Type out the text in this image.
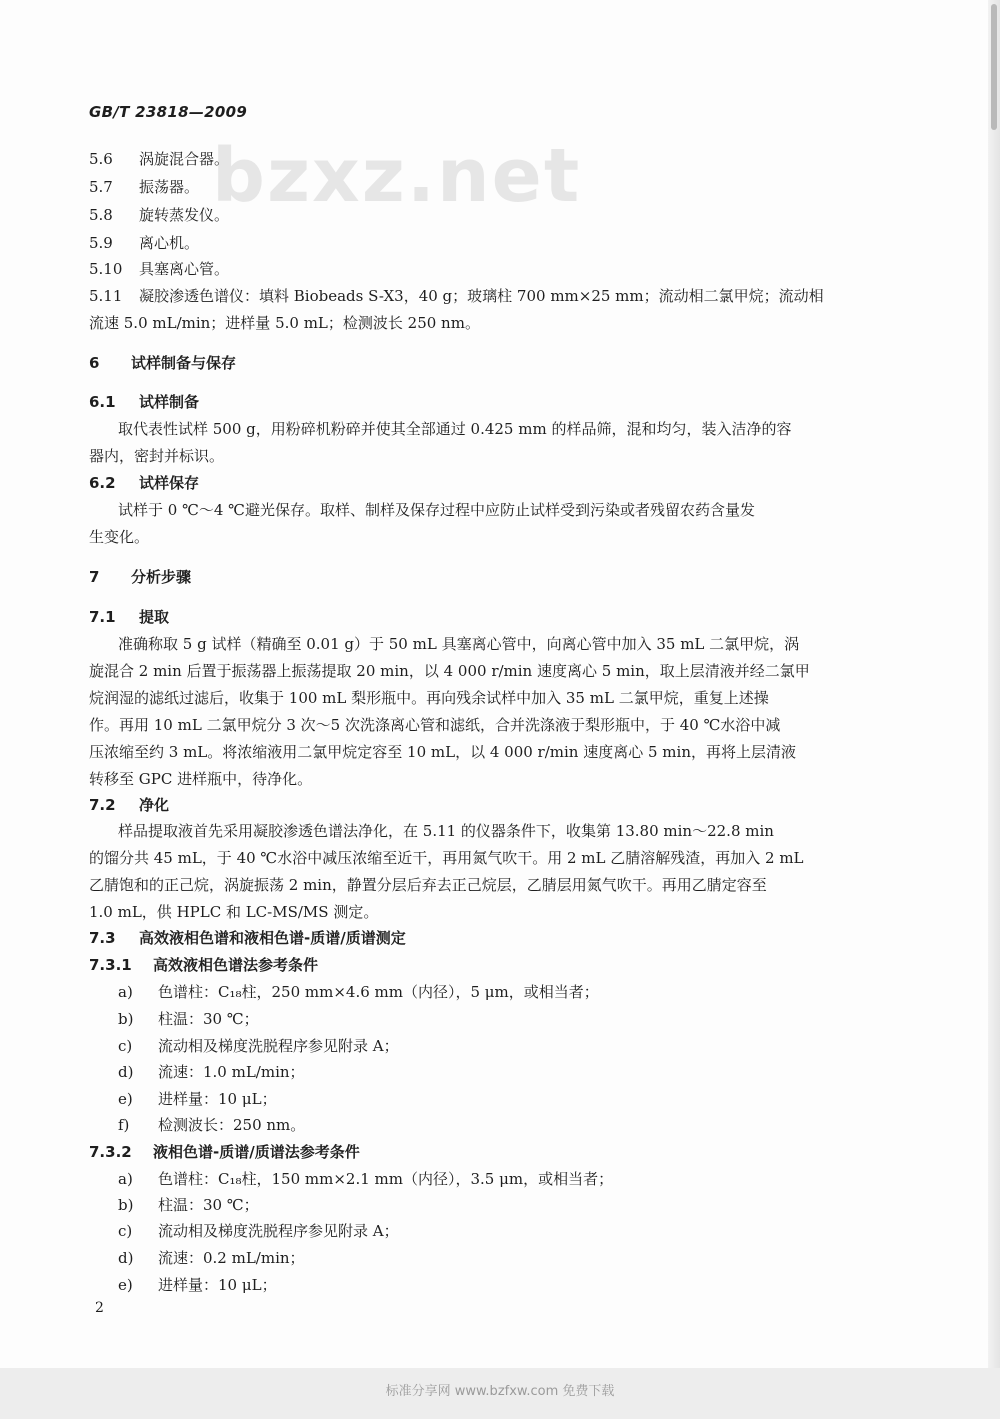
bzxz.net
GB/T 23818—2009
5.6 涡旋混合器。
5.7 振荡器。
5.8 旋转蒸发仪。
5.9 离心机。
5.10 具塞离心管。
5.11 凝胶渗透色谱仪：填料 Biobeads S-X3，40 g；玻璃柱 700 mm×25 mm；流动相二氯甲烷；流动相
流速 5.0 mL/min；进样量 5.0 mL；检测波长 250 nm。
6 试样制备与保存
6.1 试样制备
取代表性试样 500 g，用粉碎机粉碎并使其全部通过 0.425 mm 的样品筛，混和均匀，装入洁净的容
器内，密封并标识。
6.2 试样保存
试样于 0 ℃～4 ℃避光保存。取样、制样及保存过程中应防止试样受到污染或者残留农药含量发
生变化。
7 分析步骤
7.1 提取
准确称取 5 g 试样（精确至 0.01 g）于 50 mL 具塞离心管中，向离心管中加入 35 mL 二氯甲烷，涡
旋混合 2 min 后置于振荡器上振荡提取 20 min，以 4 000 r/min 速度离心 5 min，取上层清液并经二氯甲
烷润湿的滤纸过滤后，收集于 100 mL 梨形瓶中。再向残余试样中加入 35 mL 二氯甲烷，重复上述操
作。再用 10 mL 二氯甲烷分 3 次～5 次洗涤离心管和滤纸，合并洗涤液于梨形瓶中，于 40 ℃水浴中减
压浓缩至约 3 mL。将浓缩液用二氯甲烷定容至 10 mL，以 4 000 r/min 速度离心 5 min，再将上层清液
转移至 GPC 进样瓶中，待净化。
7.2 净化
样品提取液首先采用凝胶渗透色谱法净化，在 5.11 的仪器条件下，收集第 13.80 min～22.8 min
的馏分共 45 mL，于 40 ℃水浴中减压浓缩至近干，再用氮气吹干。用 2 mL 乙腈溶解残渣，再加入 2 mL
乙腈饱和的正己烷，涡旋振荡 2 min，静置分层后弃去正己烷层，乙腈层用氮气吹干。再用乙腈定容至
1.0 mL，供 HPLC 和 LC-MS/MS 测定。
7.3 高效液相色谱和液相色谱-质谱/质谱测定
7.3.1 高效液相色谱法参考条件
a) 色谱柱：C₁₈柱，250 mm×4.6 mm（内径），5 μm，或相当者；
b) 柱温：30 ℃；
c) 流动相及梯度洗脱程序参见附录 A；
d) 流速：1.0 mL/min；
e) 进样量：10 μL；
f) 检测波长：250 nm。
7.3.2 液相色谱-质谱/质谱法参考条件
a) 色谱柱：C₁₈柱，150 mm×2.1 mm（内径），3.5 μm，或相当者；
b) 柱温：30 ℃；
c) 流动相及梯度洗脱程序参见附录 A；
d) 流速：0.2 mL/min；
e) 进样量：10 μL；
2
标准分享网 www.bzfxw.com 免费下载
